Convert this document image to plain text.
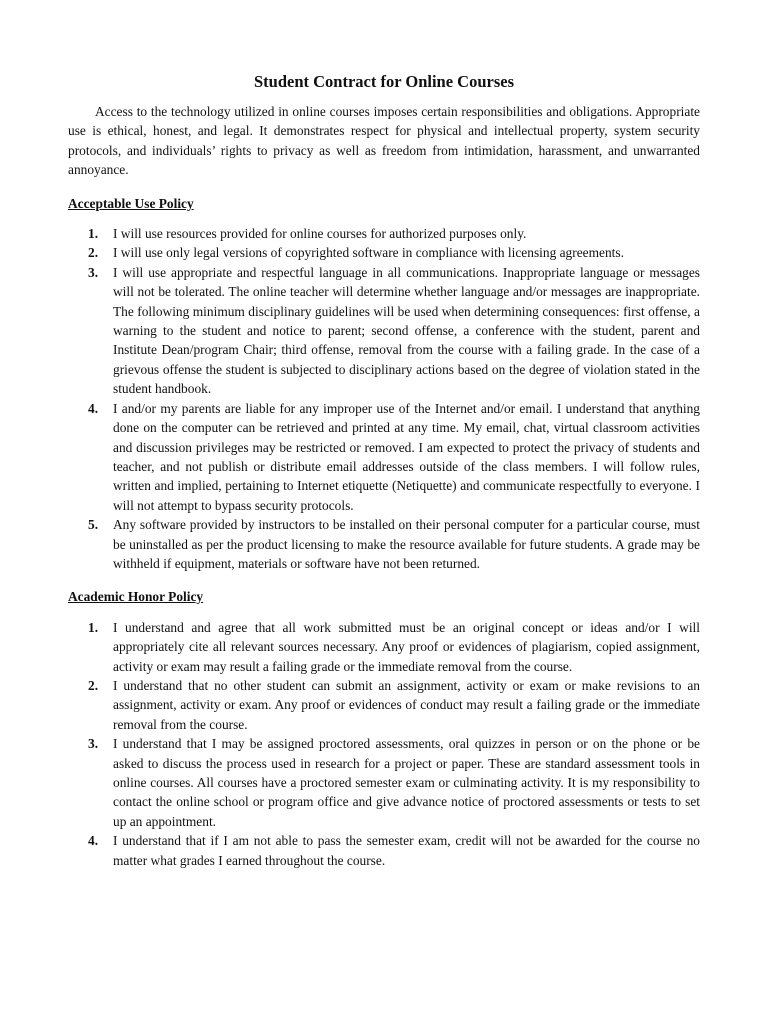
Student Contract for Online Courses

Access to the technology utilized in online courses imposes certain responsibilities and obligations. Appropriate use is ethical, honest, and legal. It demonstrates respect for physical and intellectual property, system security protocols, and individuals’ rights to privacy as well as freedom from intimidation, harassment, and unwarranted annoyance.

Acceptable Use Policy
1. I will use resources provided for online courses for authorized purposes only.
2. I will use only legal versions of copyrighted software in compliance with licensing agreements.
3. I will use appropriate and respectful language in all communications. Inappropriate language or messages will not be tolerated. The online teacher will determine whether language and/or messages are inappropriate. The following minimum disciplinary guidelines will be used when determining consequences: first offense, a warning to the student and notice to parent; second offense, a conference with the student, parent and Institute Dean/program Chair; third offense, removal from the course with a failing grade. In the case of a grievous offense the student is subjected to disciplinary actions based on the degree of violation stated in the student handbook.
4. I and/or my parents are liable for any improper use of the Internet and/or email. I understand that anything done on the computer can be retrieved and printed at any time. My email, chat, virtual classroom activities and discussion privileges may be restricted or removed. I am expected to protect the privacy of students and teacher, and not publish or distribute email addresses outside of the class members. I will follow rules, written and implied, pertaining to Internet etiquette (Netiquette) and communicate respectfully to everyone. I will not attempt to bypass security protocols.
5. Any software provided by instructors to be installed on their personal computer for a particular course, must be uninstalled as per the product licensing to make the resource available for future students. A grade may be withheld if equipment, materials or software have not been returned.
Academic Honor Policy
1. I understand and agree that all work submitted must be an original concept or ideas and/or I will appropriately cite all relevant sources necessary. Any proof or evidences of plagiarism, copied assignment, activity or exam may result a failing grade or the immediate removal from the course.
2. I understand that no other student can submit an assignment, activity or exam or make revisions to an assignment, activity or exam. Any proof or evidences of conduct may result a failing grade or the immediate removal from the course.
3. I understand that I may be assigned proctored assessments, oral quizzes in person or on the phone or be asked to discuss the process used in research for a project or paper. These are standard assessment tools in online courses. All courses have a proctored semester exam or culminating activity. It is my responsibility to contact the online school or program office and give advance notice of proctored assessments or tests to set up an appointment.
4. I understand that if I am not able to pass the semester exam, credit will not be awarded for the course no matter what grades I earned throughout the course.
